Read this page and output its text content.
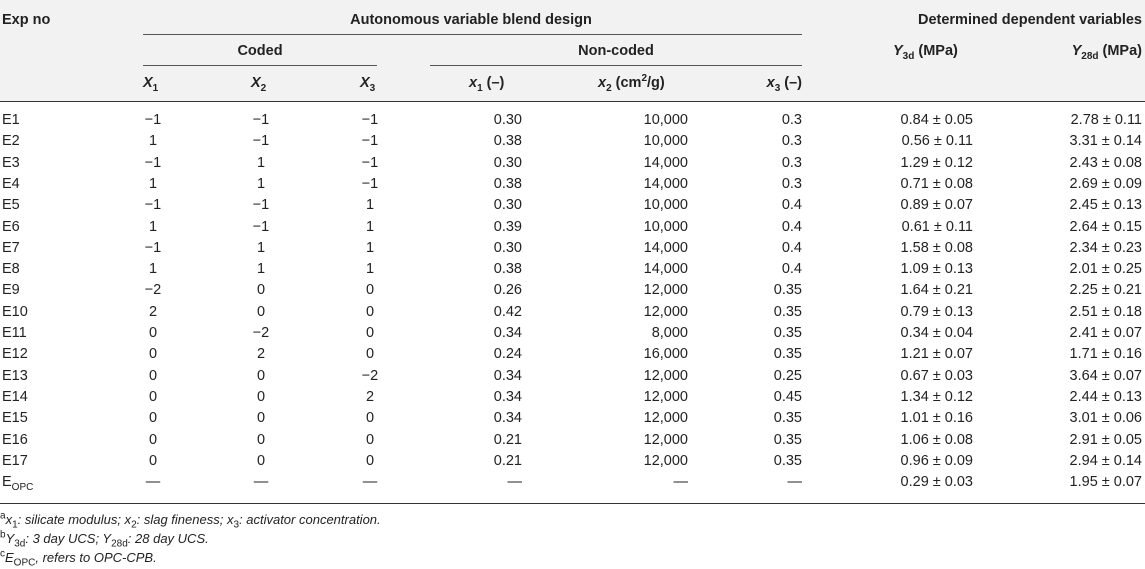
Exp no	Autonomous variable blend design	Determined dependent variables
Coded	Non-coded	$Y_{3d}$ (MPa)	$Y_{28d}$ (MPa)
$X_1$	$X_2$	$X_3$	$x_1$ (–)	$x_2$ $(cm^2/g)$	$x_3$ (–)
E1	−1	−1	−1	0.30	10,000	0.3	0.84 ± 0.05	2.78 ± 0.11
E2	1	−1	−1	0.38	10,000	0.3	0.56 ± 0.11	3.31 ± 0.14
E3	−1	1	−1	0.30	14,000	0.3	1.29 ± 0.12	2.43 ± 0.08
E4	1	1	−1	0.38	14,000	0.3	0.71 ± 0.08	2.69 ± 0.09
E5	−1	−1	1	0.30	10,000	0.4	0.89 ± 0.07	2.45 ± 0.13
E6	1	−1	1	0.39	10,000	0.4	0.61 ± 0.11	2.64 ± 0.15
E7	−1	1	1	0.30	14,000	0.4	1.58 ± 0.08	2.34 ± 0.23
E8	1	1	1	0.38	14,000	0.4	1.09 ± 0.13	2.01 ± 0.25
E9	−2	0	0	0.26	12,000	0.35	1.64 ± 0.21	2.25 ± 0.21
E10	2	0	0	0.42	12,000	0.35	0.79 ± 0.13	2.51 ± 0.18
E11	0	−2	0	0.34	8,000	0.35	0.34 ± 0.04	2.41 ± 0.07
E12	0	2	0	0.24	16,000	0.35	1.21 ± 0.07	1.71 ± 0.16
E13	0	0	−2	0.34	12,000	0.25	0.67 ± 0.03	3.64 ± 0.07
E14	0	0	2	0.34	12,000	0.45	1.34 ± 0.12	2.44 ± 0.13
E15	0	0	0	0.34	12,000	0.35	1.01 ± 0.16	3.01 ± 0.06
E16	0	0	0	0.21	12,000	0.35	1.06 ± 0.08	2.91 ± 0.05
E17	0	0	0	0.21	12,000	0.35	0.96 ± 0.09	2.94 ± 0.14
$E_{OPC}$	—	—	—	—	—	—	0.29 ± 0.03	1.95 ± 0.07
$^ax_1$: silicate modulus; $x_2$: slag fineness; $x_3$: activator concentration.
$^bY_{3d}$: 3 day UCS; $Y_{28d}$: 28 day UCS.
$^cE_{OPC}$, refers to OPC-CPB.
